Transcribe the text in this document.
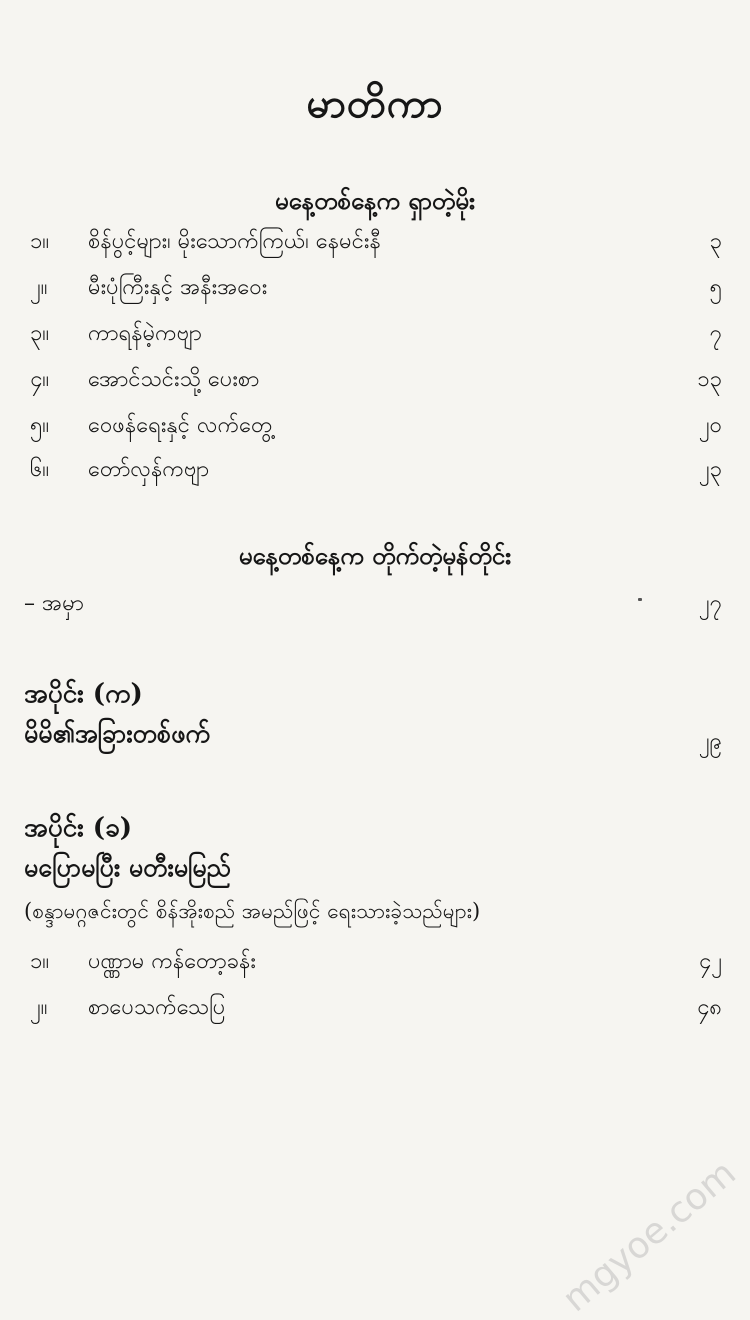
မာတိကာ
မနေ့တစ်နေ့က ရှာတဲ့မိုး
၁။ စိန်ပွင့်များ၊ မိုးသောက်ကြယ်၊ နေမင်းနီ	၃
၂။ မီးပုံကြီးနှင့် အနီးအဝေး	၅
၃။ ကာရန်မဲ့ကဗျာ	၇
၄။ အောင်သင်းသို့ ပေးစာ	၁၃
၅။ ဝေဖန်ရေးနှင့် လက်တွေ့	၂၀
၆။ တော်လှန်ကဗျာ	၂၃
မနေ့တစ်နေ့က တိုက်တဲ့မုန်တိုင်း
– အမှာ	၂၇
အပိုင်း (က)
မိမိ၏အခြားတစ်ဖက်	၂၉
အပိုင်း (ခ)
မပြောမပြီး မတီးမမြည်
(စန္ဒာမဂ္ဂဇင်းတွင် စိန်အိုးစည် အမည်ဖြင့် ရေးသားခဲ့သည်များ)
၁။ ပဏ္ဏာမ ကန်တော့ခန်း	၄၂
၂။ စာပေသက်သေပြ	၄၈
mgyoe.com
